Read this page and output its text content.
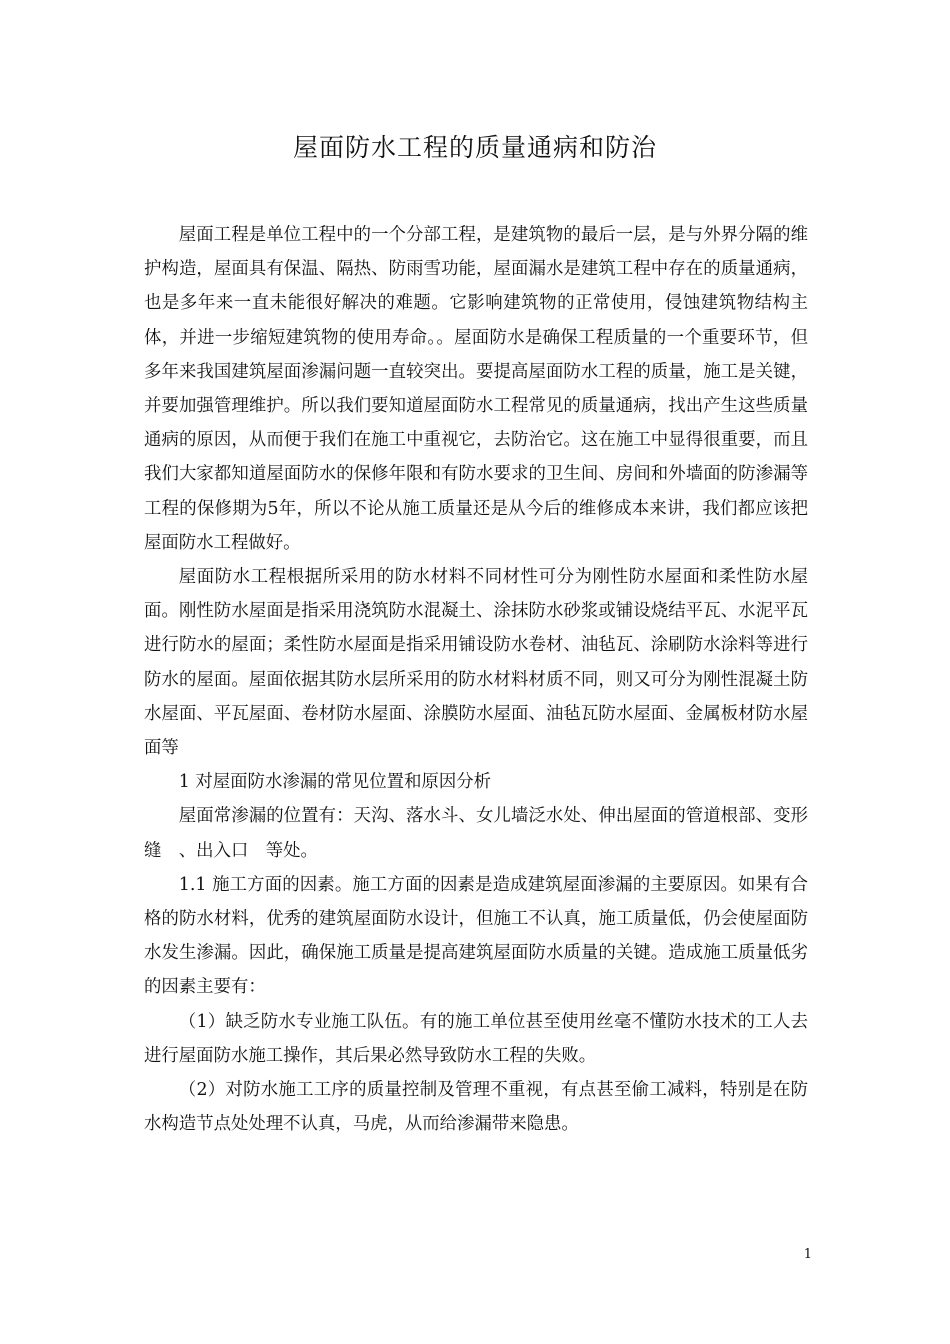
屋面防水工程的质量通病和防治

屋面工程是单位工程中的一个分部工程，是建筑物的最后一层，是与外界分隔的维护构造，屋面具有保温、隔热、防雨雪功能，屋面漏水是建筑工程中存在的质量通病，也是多年来一直未能很好解决的难题。它影响建筑物的正常使用，侵蚀建筑物结构主体，并进一步缩短建筑物的使用寿命。。屋面防水是确保工程质量的一个重要环节，但多年来我国建筑屋面渗漏问题一直较突出。要提高屋面防水工程的质量，施工是关键，并要加强管理维护。所以我们要知道屋面防水工程常见的质量通病，找出产生这些质量通病的原因，从而便于我们在施工中重视它，去防治它。这在施工中显得很重要，而且我们大家都知道屋面防水的保修年限和有防水要求的卫生间、房间和外墙面的防渗漏等工程的保修期为5年，所以不论从施工质量还是从今后的维修成本来讲，我们都应该把屋面防水工程做好。

屋面防水工程根据所采用的防水材料不同材性可分为刚性防水屋面和柔性防水屋面。刚性防水屋面是指采用浇筑防水混凝土、涂抹防水砂浆或铺设烧结平瓦、水泥平瓦进行防水的屋面；柔性防水屋面是指采用铺设防水卷材、油毡瓦、涂刷防水涂料等进行防水的屋面。屋面依据其防水层所采用的防水材料材质不同，则又可分为刚性混凝土防水屋面、平瓦屋面、卷材防水屋面、涂膜防水屋面、油毡瓦防水屋面、金属板材防水屋面等

1 对屋面防水渗漏的常见位置和原因分析

屋面常渗漏的位置有：天沟、落水斗、女儿墙泛水处、伸出屋面的管道根部、变形缝　、出入口　等处。

1.1 施工方面的因素。施工方面的因素是造成建筑屋面渗漏的主要原因。如果有合格的防水材料，优秀的建筑屋面防水设计，但施工不认真，施工质量低，仍会使屋面防水发生渗漏。因此，确保施工质量是提高建筑屋面防水质量的关键。造成施工质量低劣的因素主要有：

（1）缺乏防水专业施工队伍。有的施工单位甚至使用丝毫不懂防水技术的工人去进行屋面防水施工操作，其后果必然导致防水工程的失败。

（2）对防水施工工序的质量控制及管理不重视，有点甚至偷工减料，特别是在防水构造节点处处理不认真，马虎，从而给渗漏带来隐患。

1
